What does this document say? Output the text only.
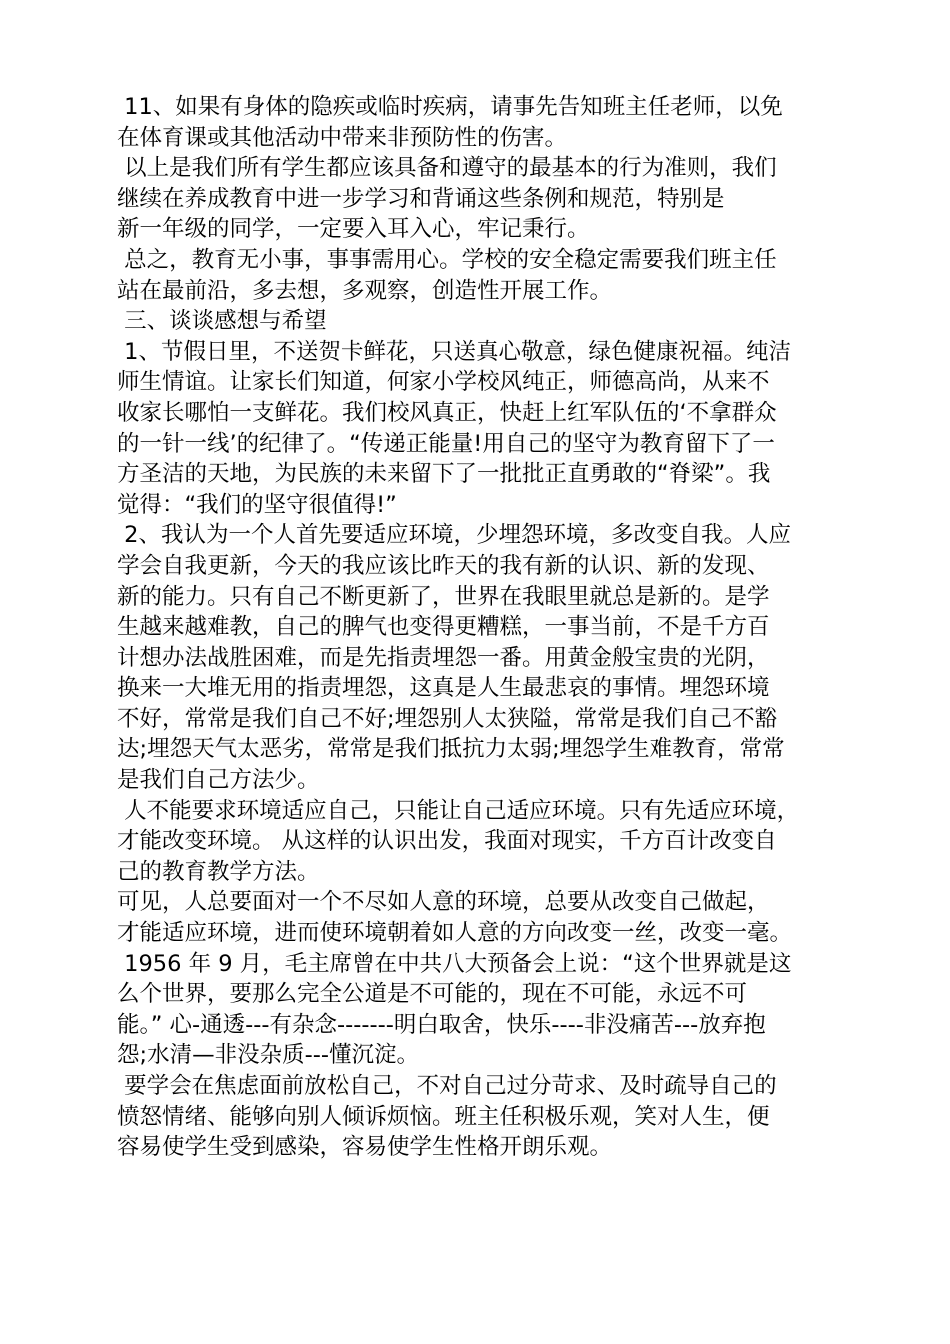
11、如果有身体的隐疾或临时疾病，请事先告知班主任老师，以免
在体育课或其他活动中带来非预防性的伤害。
以上是我们所有学生都应该具备和遵守的最基本的行为准则，我们
继续在养成教育中进一步学习和背诵这些条例和规范，特别是
新一年级的同学，一定要入耳入心，牢记秉行。
总之，教育无小事，事事需用心。学校的安全稳定需要我们班主任
站在最前沿，多去想，多观察，创造性开展工作。
三、谈谈感想与希望
1、节假日里，不送贺卡鲜花，只送真心敬意，绿色健康祝福。纯洁
师生情谊。让家长们知道，何家小学校风纯正，师德高尚，从来不
收家长哪怕一支鲜花。我们校风真正，快赶上红军队伍的‘不拿群众
的一针一线’的纪律了。“传递正能量!用自己的坚守为教育留下了一
方圣洁的天地，为民族的未来留下了一批批正直勇敢的“脊梁”。我
觉得：“我们的坚守很值得!”
2、我认为一个人首先要适应环境，少埋怨环境，多改变自我。人应
学会自我更新，今天的我应该比昨天的我有新的认识、新的发现、
新的能力。只有自己不断更新了，世界在我眼里就总是新的。是学
生越来越难教，自己的脾气也变得更糟糕，一事当前，不是千方百
计想办法战胜困难，而是先指责埋怨一番。用黄金般宝贵的光阴，
换来一大堆无用的指责埋怨，这真是人生最悲哀的事情。埋怨环境
不好，常常是我们自己不好;埋怨别人太狭隘，常常是我们自己不豁
达;埋怨天气太恶劣，常常是我们抵抗力太弱;埋怨学生难教育，常常
是我们自己方法少。
人不能要求环境适应自己，只能让自己适应环境。只有先适应环境，
才能改变环境。 从这样的认识出发，我面对现实，千方百计改变自
己的教育教学方法。
可见，人总要面对一个不尽如人意的环境，总要从改变自己做起，
才能适应环境，进而使环境朝着如人意的方向改变一丝，改变一毫。
1956 年 9 月，毛主席曾在中共八大预备会上说：“这个世界就是这
么个世界，要那么完全公道是不可能的，现在不可能，永远不可
能。” 心-通透---有杂念-------明白取舍，快乐----非没痛苦---放弃抱
怨;水清—非没杂质---懂沉淀。
要学会在焦虑面前放松自己，不对自己过分苛求、及时疏导自己的
愤怒情绪、能够向别人倾诉烦恼。班主任积极乐观，笑对人生，便
容易使学生受到感染，容易使学生性格开朗乐观。
